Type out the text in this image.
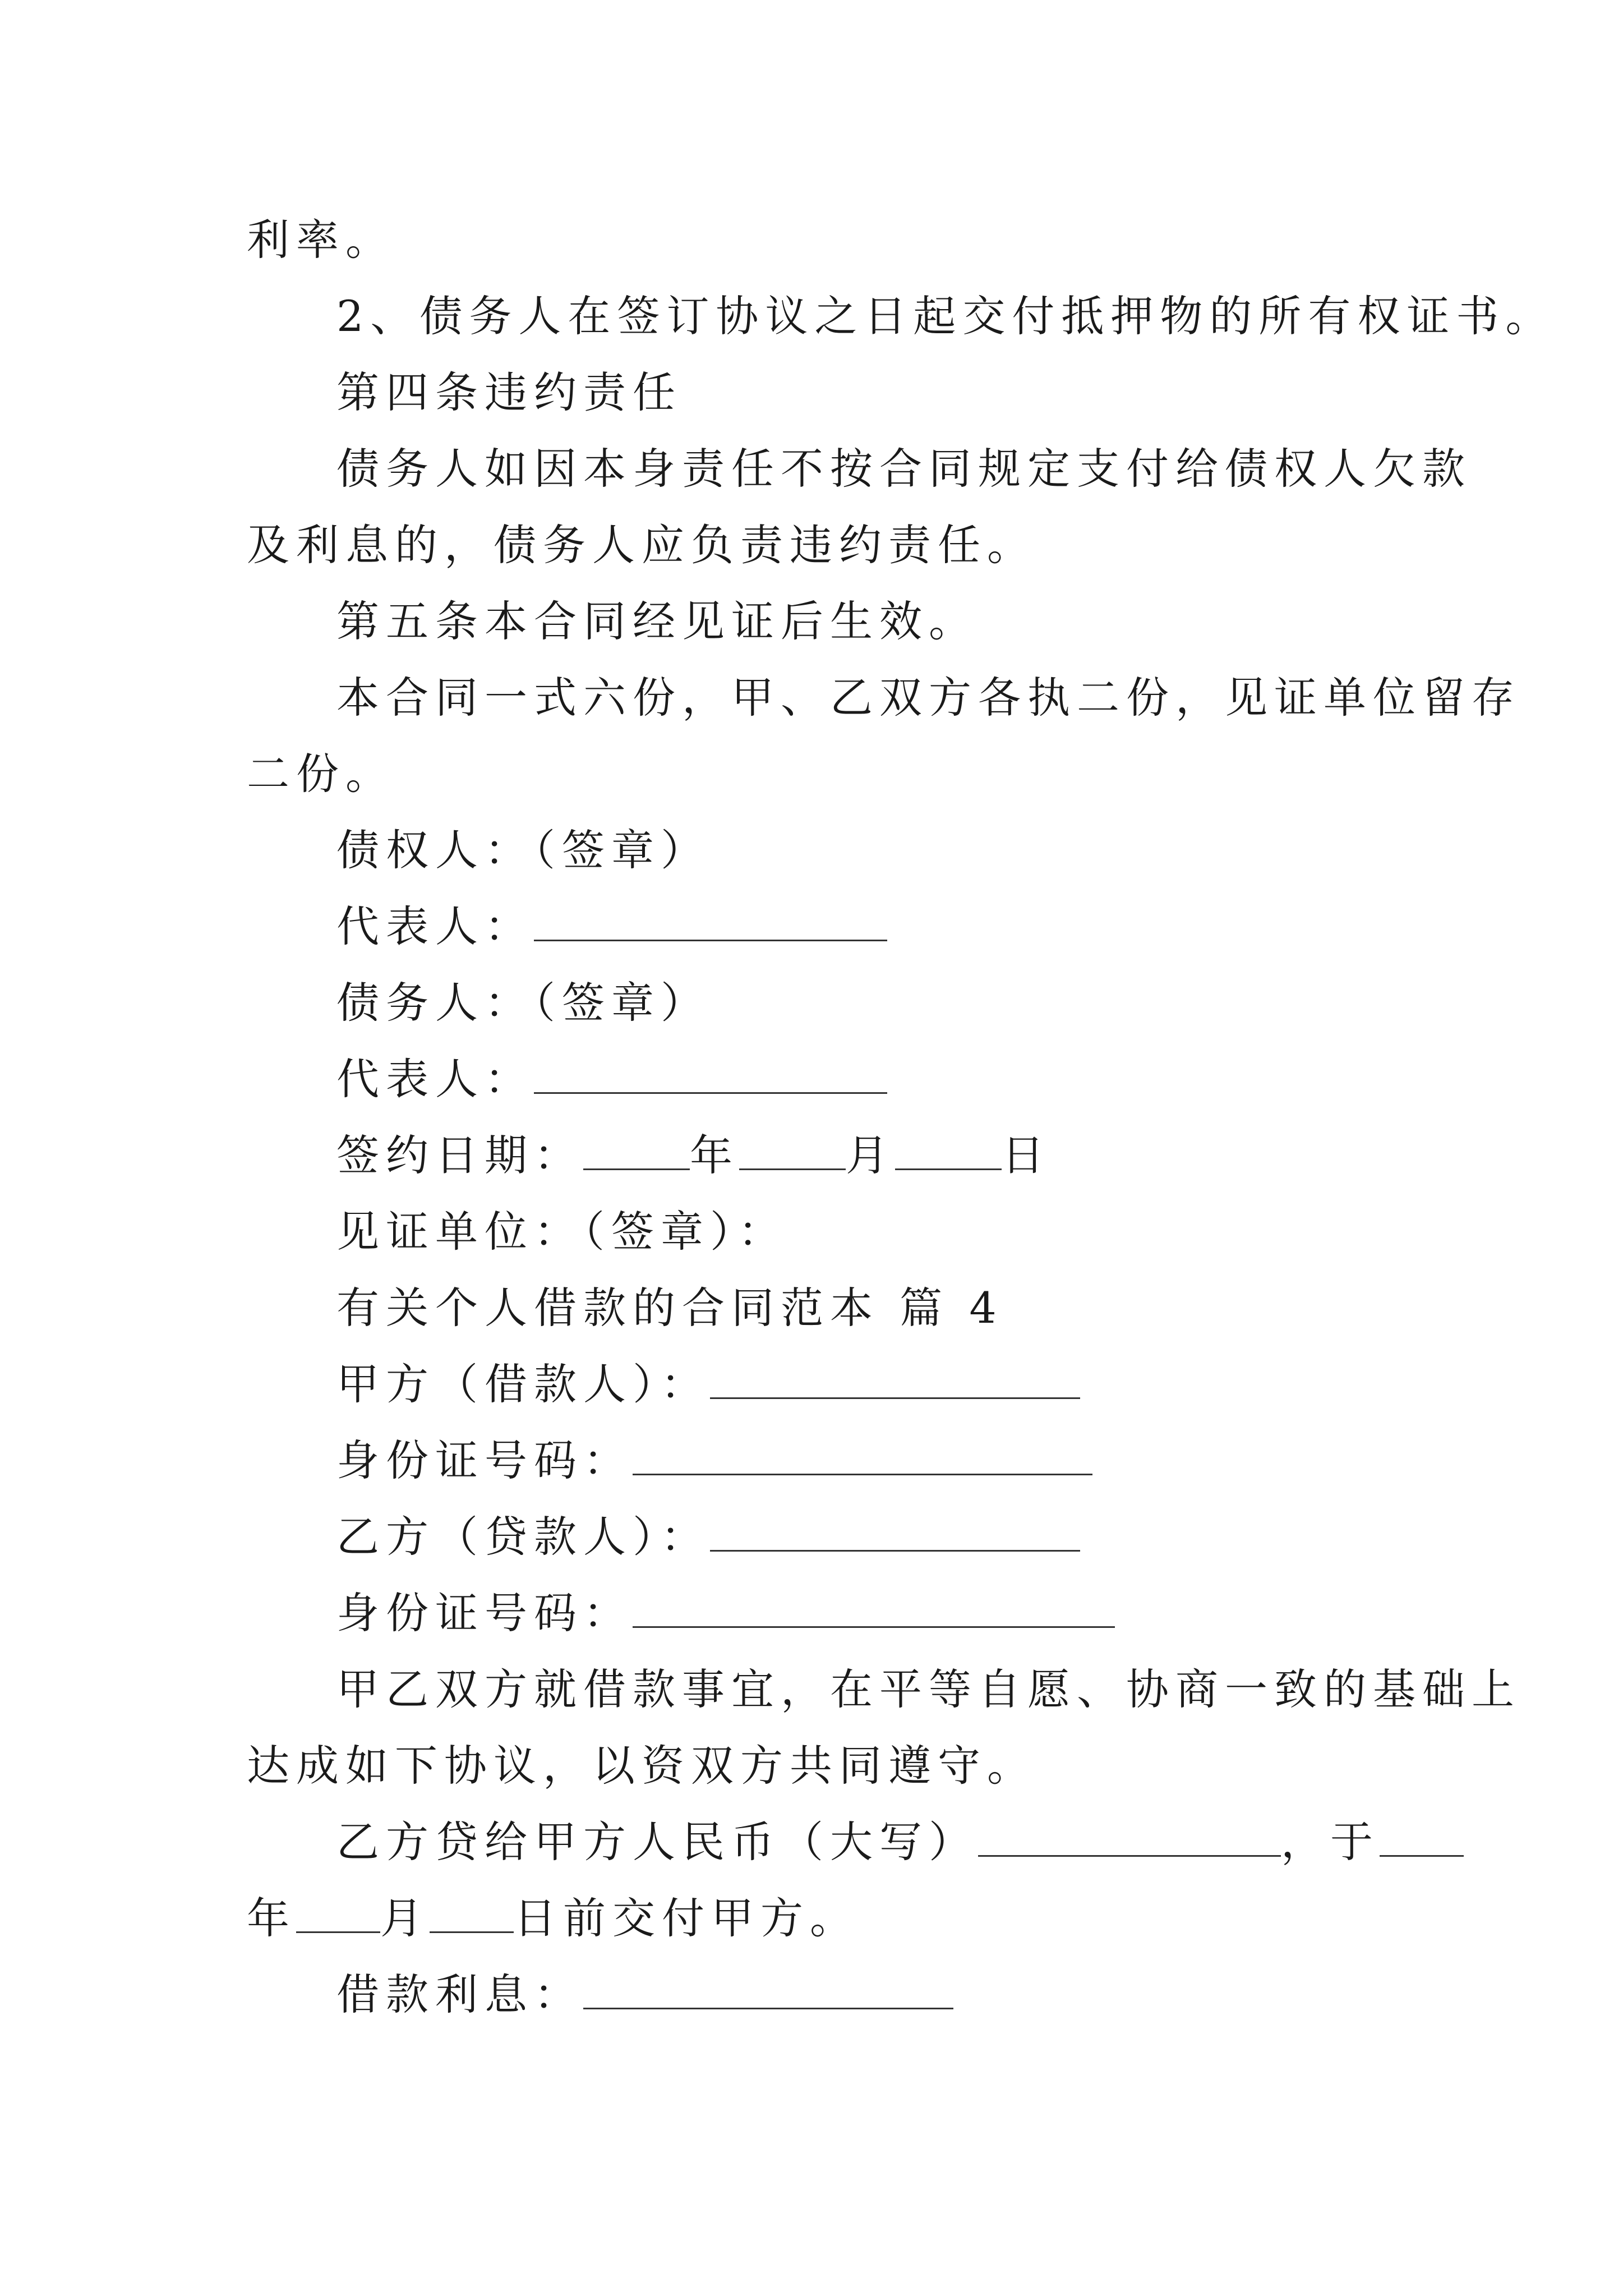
利率。
2、债务人在签订协议之日起交付抵押物的所有权证书。
第四条违约责任
债务人如因本身责任不按合同规定支付给债权人欠款
及利息的，债务人应负责违约责任。
第五条本合同经见证后生效。
本合同一式六份，甲、乙双方各执二份，见证单位留存
二份。
债权人：（签章）
代表人：
债务人：（签章）
代表人：
签约日期：	年	月	日
见证单位：（签章）：
有关个人借款的合同范本 篇 4
甲方（借款人）：
身份证号码：
乙方（贷款人）：
身份证号码：
甲乙双方就借款事宜，在平等自愿、协商一致的基础上
达成如下协议，以资双方共同遵守。
乙方贷给甲方人民币（大写）	，于
年 月 日前交付甲方。
借款利息：
